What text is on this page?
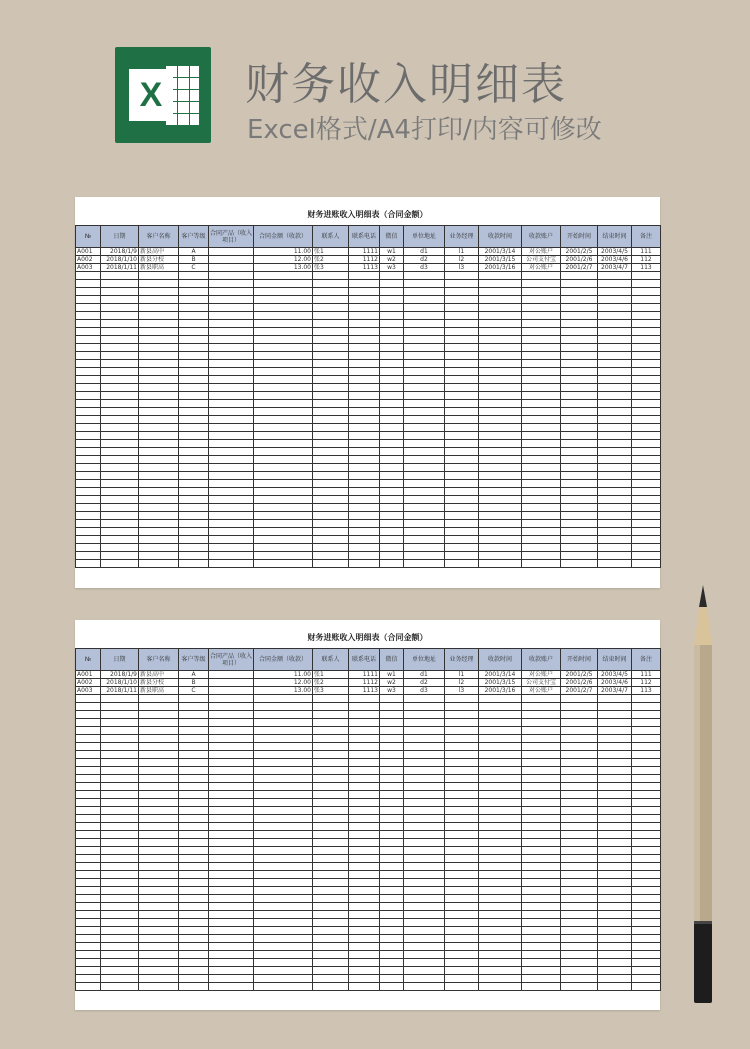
X 财务收入明细表
Excel格式/A4打印/内容可修改
财务进账收入明细表（合同金额）
№	日期	客户名称	客户等级	合同产品（收入项目）	合同金额（收款）	联系人	联系电话	微信	单位地址	业务经理	收款时间	收款账户	开始时间	结束时间	备注
A001	2018/1/9	新县高中	A		11.00	张1	1111	w1	d1	l1	2001/3/14	对公账户	2001/2/5	2003/4/5	111
A002	2018/1/10	新县分校	B		12.00	张2	1112	w2	d2	l2	2001/3/15	公司支付宝	2001/2/6	2003/4/6	112
A003	2018/1/11	新县职高	C		13.00	张3	1113	w3	d3	l3	2001/3/16	对公账户	2001/2/7	2003/4/7	113

财务进账收入明细表（合同金额）
№	日期	客户名称	客户等级	合同产品（收入项目）	合同金额（收款）	联系人	联系电话	微信	单位地址	业务经理	收款时间	收款账户	开始时间	结束时间	备注
A001	2018/1/9	新县高中	A		11.00	张1	1111	w1	d1	l1	2001/3/14	对公账户	2001/2/5	2003/4/5	111
A002	2018/1/10	新县分校	B		12.00	张2	1112	w2	d2	l2	2001/3/15	公司支付宝	2001/2/6	2003/4/6	112
A003	2018/1/11	新县职高	C		13.00	张3	1113	w3	d3	l3	2001/3/16	对公账户	2001/2/7	2003/4/7	113
